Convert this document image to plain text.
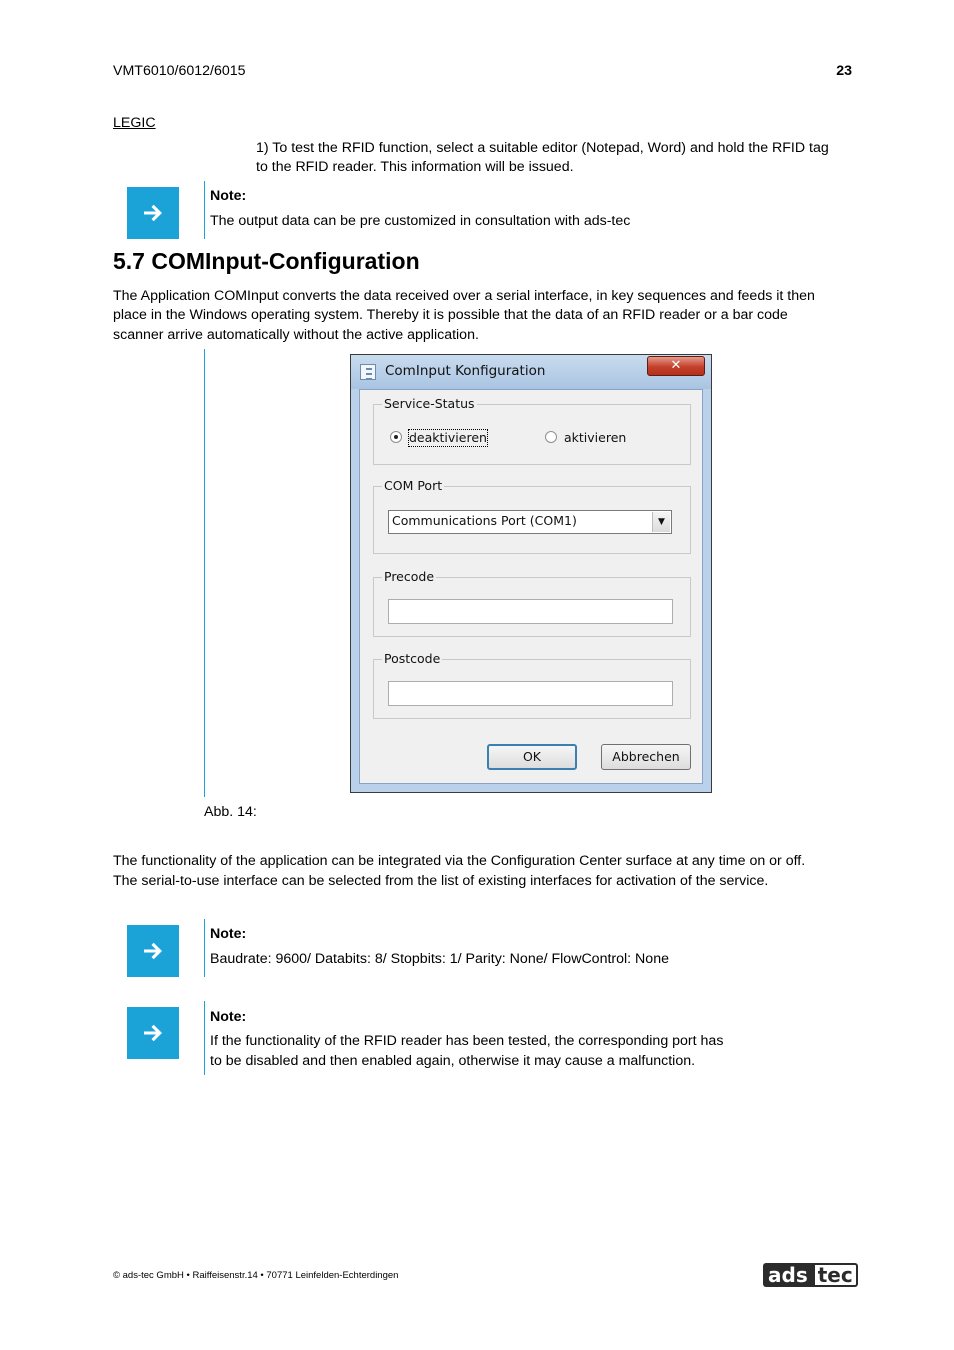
VMT6010/6012/6015	23
LEGIC
1) To test the RFID function, select a suitable editor (Notepad, Word) and hold the RFID tag
to the RFID reader. This information will be issued.
Note:
The output data can be pre customized in consultation with ads-tec
5.7 COMInput-Configuration
The Application COMInput converts the data received over a serial interface, in key sequences and feeds it then
place in the Windows operating system. Thereby it is possible that the data of an RFID reader or a bar code
scanner arrive automatically without the active application.
ComInput Konfiguration	✕
Service-Status
deaktivieren	aktivieren
COM Port
Communications Port (COM1)	▼
Precode
Postcode
OK	Abbrechen
Abb. 14:
The functionality of the application can be integrated via the Configuration Center surface at any time on or off.
The serial-to-use interface can be selected from the list of existing interfaces for activation of the service.
Note:
Baudrate: 9600/ Databits: 8/ Stopbits: 1/ Parity: None/ FlowControl: None
Note:
If the functionality of the RFID reader has been tested, the corresponding port has
to be disabled and then enabled again, otherwise it may cause a malfunction.
© ads-tec GmbH • Raiffeisenstr.14 • 70771 Leinfelden-Echterdingen	ads tec
